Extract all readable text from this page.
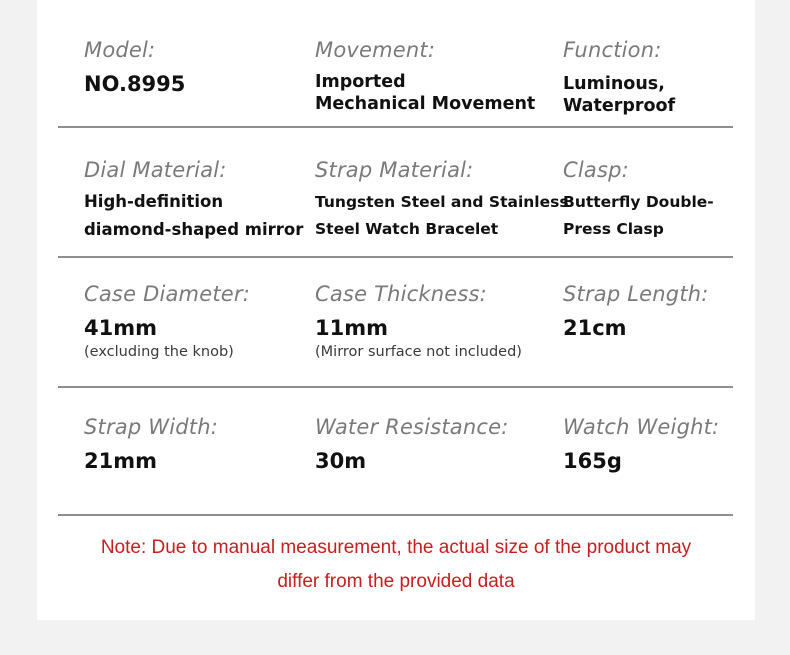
Model:
NO.8995
Movement:
Imported
Mechanical Movement
Function:
Luminous,
Waterproof
Dial Material:
High-definition
diamond-shaped mirror
Strap Material:
Tungsten Steel and Stainless
Steel Watch Bracelet
Clasp:
Butterfly Double-
Press Clasp
Case Diameter:
41mm
(excluding the knob)
Case Thickness:
11mm
(Mirror surface not included)
Strap Length:
21cm
Strap Width:
21mm
Water Resistance:
30m
Watch Weight:
165g
Note: Due to manual measurement, the actual size of the product may
differ from the provided data
